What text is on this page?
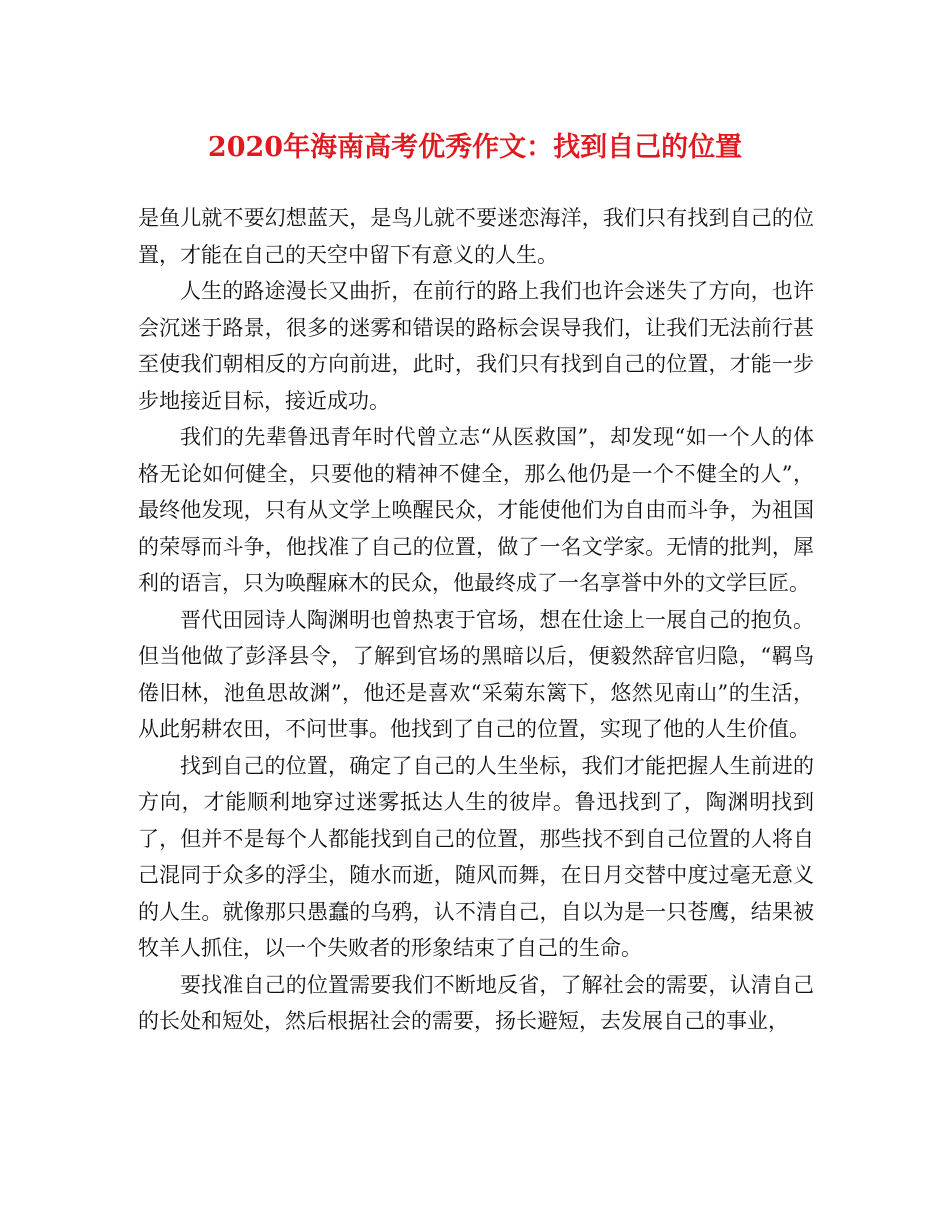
2020年海南高考优秀作文：找到自己的位置

是鱼儿就不要幻想蓝天，是鸟儿就不要迷恋海洋，我们只有找到自己的位置，才能在自己的天空中留下有意义的人生。

人生的路途漫长又曲折，在前行的路上我们也许会迷失了方向，也许会沉迷于路景，很多的迷雾和错误的路标会误导我们，让我们无法前行甚至使我们朝相反的方向前进，此时，我们只有找到自己的位置，才能一步步地接近目标，接近成功。

我们的先辈鲁迅青年时代曾立志“从医救国”，却发现“如一个人的体格无论如何健全，只要他的精神不健全，那么他仍是一个不健全的人”，最终他发现，只有从文学上唤醒民众，才能使他们为自由而斗争，为祖国的荣辱而斗争，他找准了自己的位置，做了一名文学家。无情的批判，犀利的语言，只为唤醒麻木的民众，他最终成了一名享誉中外的文学巨匠。

晋代田园诗人陶渊明也曾热衷于官场，想在仕途上一展自己的抱负。但当他做了彭泽县令，了解到官场的黑暗以后，便毅然辞官归隐，“羁鸟倦旧林，池鱼思故渊”，他还是喜欢“采菊东篱下，悠然见南山”的生活，从此躬耕农田，不问世事。他找到了自己的位置，实现了他的人生价值。

找到自己的位置，确定了自己的人生坐标，我们才能把握人生前进的方向，才能顺利地穿过迷雾抵达人生的彼岸。鲁迅找到了，陶渊明找到了，但并不是每个人都能找到自己的位置，那些找不到自己位置的人将自己混同于众多的浮尘，随水而逝，随风而舞，在日月交替中度过毫无意义的人生。就像那只愚蠢的乌鸦，认不清自己，自以为是一只苍鹰，结果被牧羊人抓住，以一个失败者的形象结束了自己的生命。

要找准自己的位置需要我们不断地反省，了解社会的需要，认清自己的长处和短处，然后根据社会的需要，扬长避短，去发展自己的事业，
